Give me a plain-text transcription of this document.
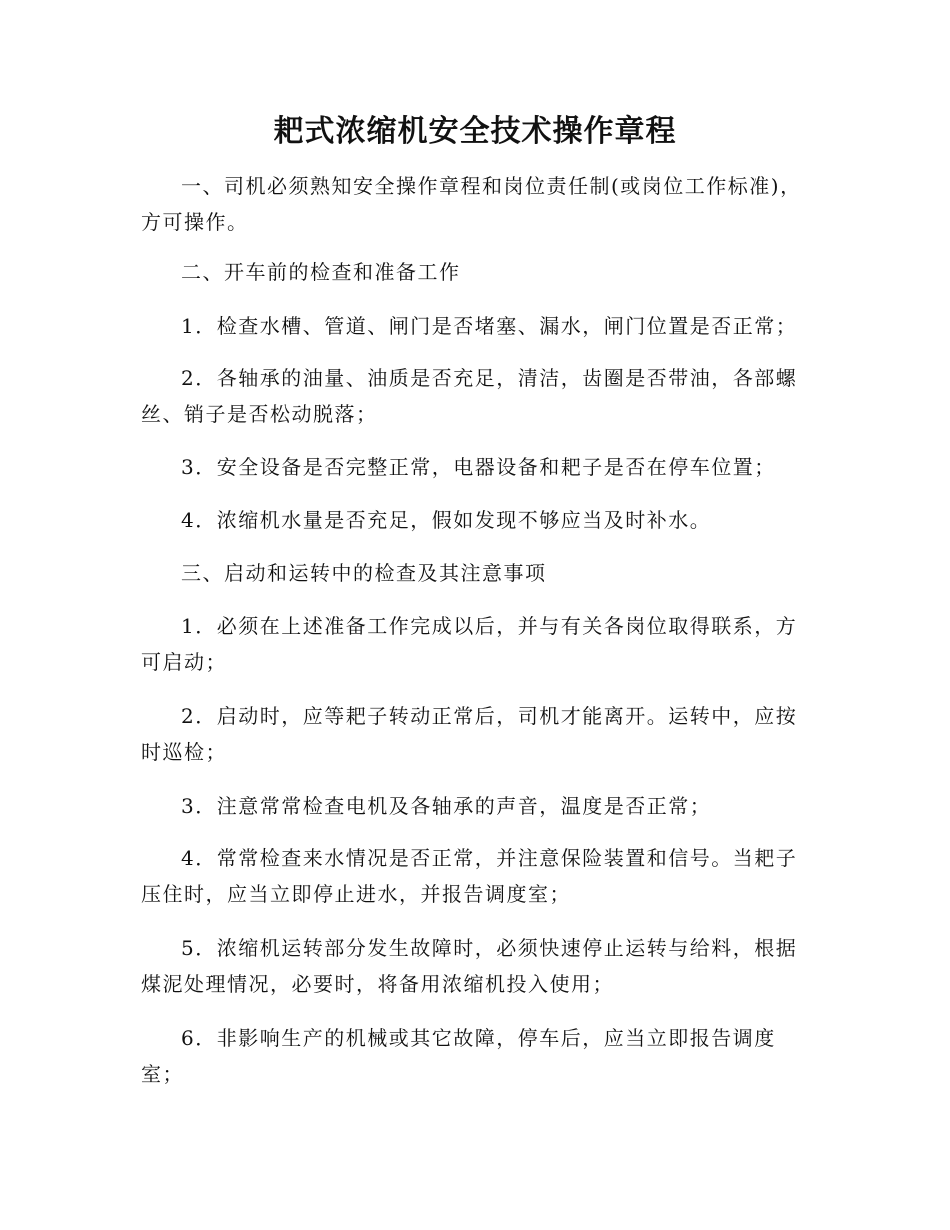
耙式浓缩机安全技术操作章程

一、司机必须熟知安全操作章程和岗位责任制(或岗位工作标准)，方可操作。

二、开车前的检查和准备工作

1．检查水槽、管道、闸门是否堵塞、漏水，闸门位置是否正常；

2．各轴承的油量、油质是否充足，清洁，齿圈是否带油，各部螺丝、销子是否松动脱落；

3．安全设备是否完整正常，电器设备和耙子是否在停车位置；

4．浓缩机水量是否充足，假如发现不够应当及时补水。

三、启动和运转中的检查及其注意事项

1．必须在上述准备工作完成以后，并与有关各岗位取得联系，方可启动；

2．启动时，应等耙子转动正常后，司机才能离开。运转中，应按时巡检；

3．注意常常检查电机及各轴承的声音，温度是否正常；

4．常常检查来水情况是否正常，并注意保险装置和信号。当耙子压住时，应当立即停止进水，并报告调度室；

5．浓缩机运转部分发生故障时，必须快速停止运转与给料，根据煤泥处理情况，必要时，将备用浓缩机投入使用；

6．非影响生产的机械或其它故障，停车后，应当立即报告调度室；
